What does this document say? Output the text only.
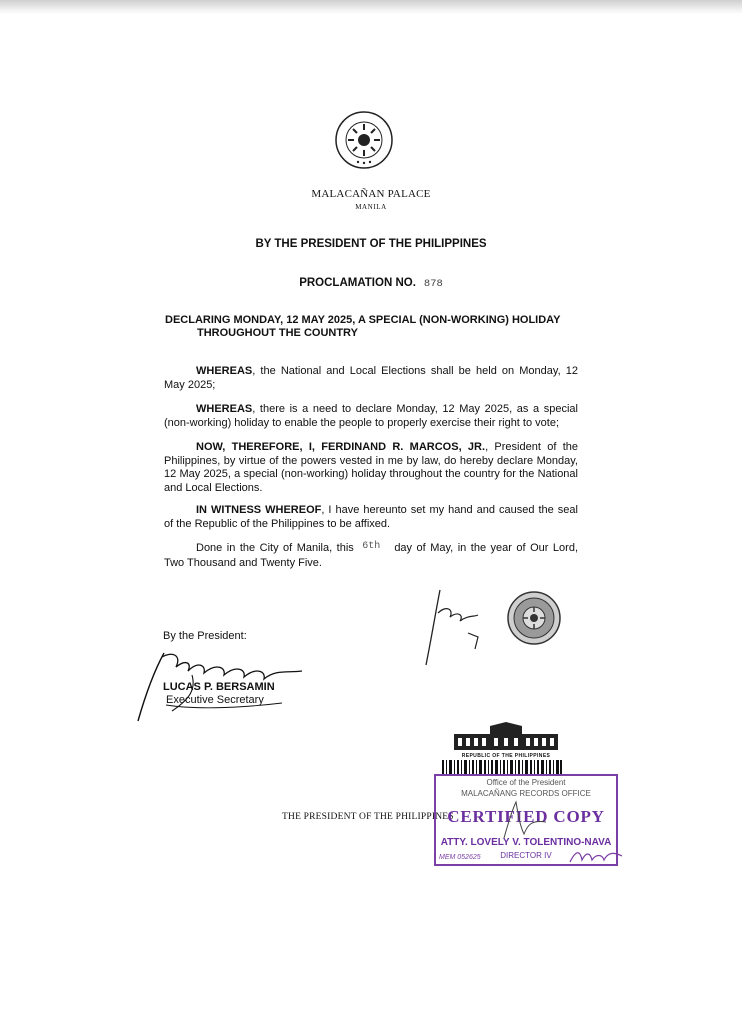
MALACAÑAN PALACE
MANILA
BY THE PRESIDENT OF THE PHILIPPINES
PROCLAMATION NO. 878
DECLARING MONDAY, 12 MAY 2025, A SPECIAL (NON-WORKING) HOLIDAY
THROUGHOUT THE COUNTRY
WHEREAS, the National and Local Elections shall be held on Monday, 12 May 2025;
WHEREAS, there is a need to declare Monday, 12 May 2025, as a special (non-working) holiday to enable the people to properly exercise their right to vote;
NOW, THEREFORE, I, FERDINAND R. MARCOS, JR., President of the Philippines, by virtue of the powers vested in me by law, do hereby declare Monday, 12 May 2025, a special (non-working) holiday throughout the country for the National and Local Elections.
IN WITNESS WHEREOF, I have hereunto set my hand and caused the seal of the Republic of the Philippines to be affixed.
Done in the City of Manila, this 6th day of May, in the year of Our Lord, Two Thousand and Twenty Five.
By the President:
LUCAS P. BERSAMIN
Executive Secretary
THE PRESIDENT OF THE PHILIPPINES
REPUBLIC OF THE PHILIPPINES
Office of the President
MALACAÑANG RECORDS OFFICE
CERTIFIED COPY
ATTY. LOVELY V. TOLENTINO-NAVA
DIRECTOR IV
MEM 052625
